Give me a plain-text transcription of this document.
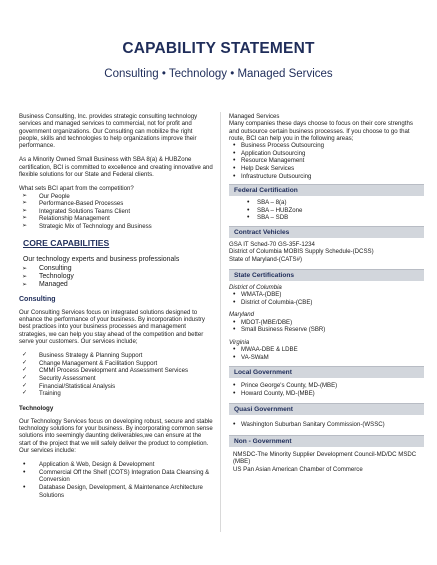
CAPABILITY STATEMENT
Consulting • Technology • Managed Services

Business Consulting, Inc. provides strategic consulting technology services and managed services to commercial, not for profit and government organizations. Our Consulting can mobilize the right people, skills and technologies to help organizations improve their performance.

As a Minority Owned Small Business with SBA 8(a) & HUBZone certification, BCI is committed to excellence and creating innovative and flexible solutions for our State and Federal clients.

What sets BCI apart from the competition?

➢ Our People
➢ Performance-Based Processes
➢ Integrated Solutions Teams Client
➢ Relationship Management
➢ Strategic Mix of Technology and Business
CORE CAPABILITIES
Our technology experts and business professionals
➢ Consulting
➢ Technology
➢ Managed
Consulting

Our Consulting Services focus on integrated solutions designed to enhance the performance of your business. By incorporation industry best practices into your business processes and management strategies, we can help you stay ahead of the competition and better serve your customers. Our services include;

✓ Business Strategy & Planning Support
✓ Change Management & Facilitation Support
✓ CMMI Process Development and Assessment Services
✓ Security Assessment
✓ Financial/Statistical Analysis
✓ Training
Technology

Our Technology Services focus on developing robust, secure and stable technology solutions for your business. By incorporating common sense solutions into seemingly daunting deliverables,we can ensure at the start of the project that we will safely deliver the product to completion. Our services include:

• Application & Web, Design & Development
• Commercial Off the Shelf (COTS) Integration Data Cleansing & Conversion
• Database Design, Development, & Maintenance Architecture Solutions

Managed Services

Many companies these days choose to focus on their core strengths and outsource certain business processes. If you choose to go that route, BCI can help you in the following areas;

• Business Process Outsourcing
• Application Outsourcing
• Resource Management
• Help Desk Services
• Infrastructure Outsourcing
Federal Certification
• SBA – 8(a)
• SBA – HUBZone
• SBA – SDB
Contract Vehicles

GSA IT Sched-70 GS-35F-1234

District of Columbia MOBIS Supply Schedule-(DCSS)

State of Maryland-(CATS#)

State Certifications

District of Columbia

• WMATA-(DBE)
• District of Columbia-(CBE)

Maryland

• MDOT-(MBE/DBE)
• Small Business Reserve (SBR)

Virginia

• MWAA-DBE & LDBE
• VA-SWaM
Local Government
• Prince George's County, MD-(MBE)
• Howard County, MD-(MBE)
Quasi Government
• Washington Suburban Sanitary Commission-(WSSC)
Non - Government

NMSDC-The Minority Supplier Development Council-MD/DC MSDC (MBE)

US Pan Asian American Chamber of Commerce
